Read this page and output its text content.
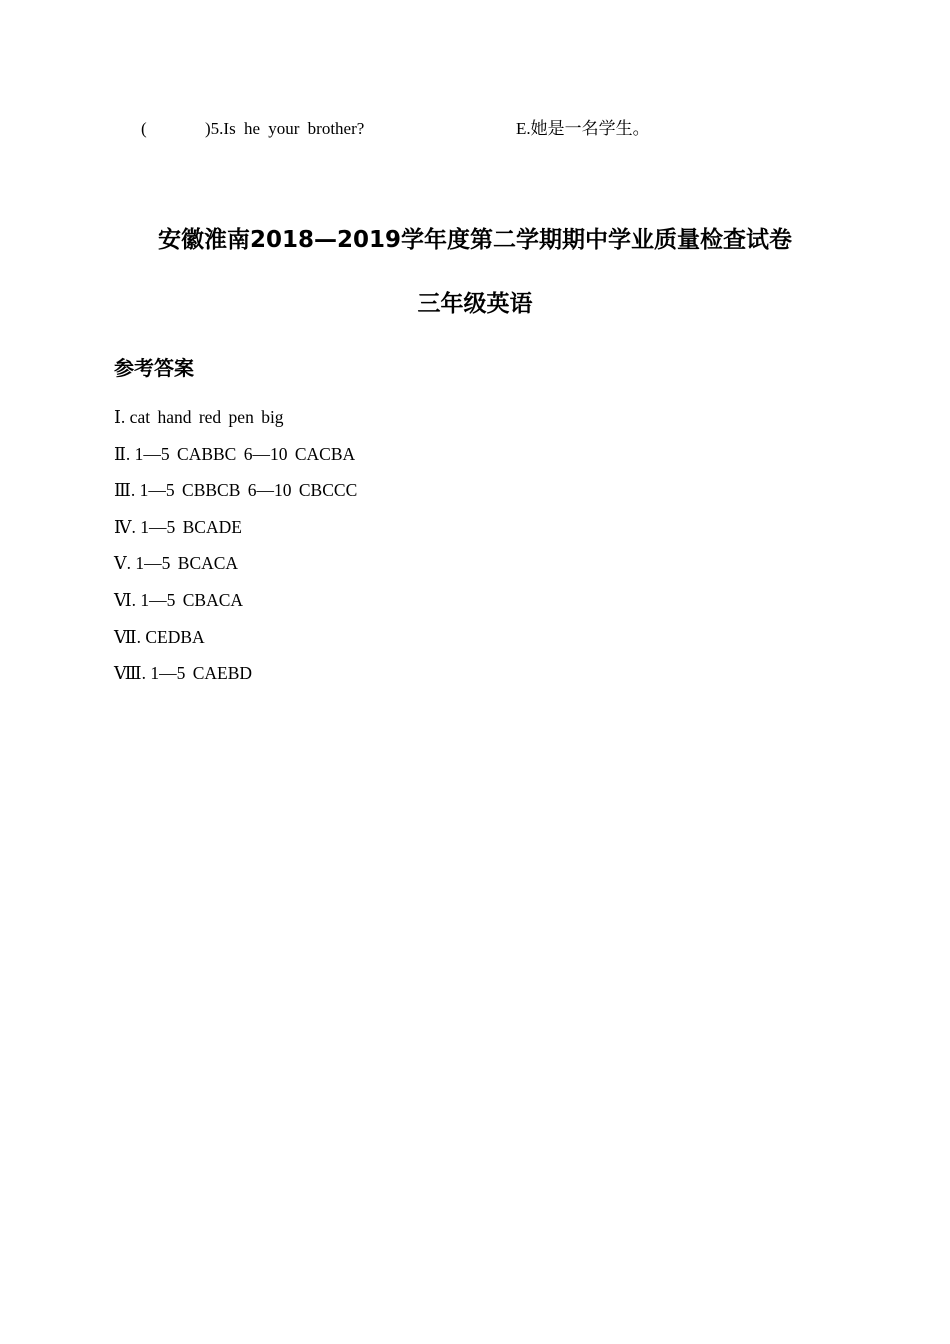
(	)5.Is he your brother?	E.她是一名学生。
安徽淮南2018—2019学年度第二学期期中学业质量检查试卷
三年级英语
参考答案
Ⅰ. cat hand red pen big
Ⅱ. 1—5 CABBC 6—10 CACBA
Ⅲ. 1—5 CBBCB 6—10 CBCCC
Ⅳ. 1—5 BCADE
Ⅴ. 1—5 BCACA
Ⅵ. 1—5 CBACA
Ⅶ. CEDBA
Ⅷ. 1—5 CAEBD
